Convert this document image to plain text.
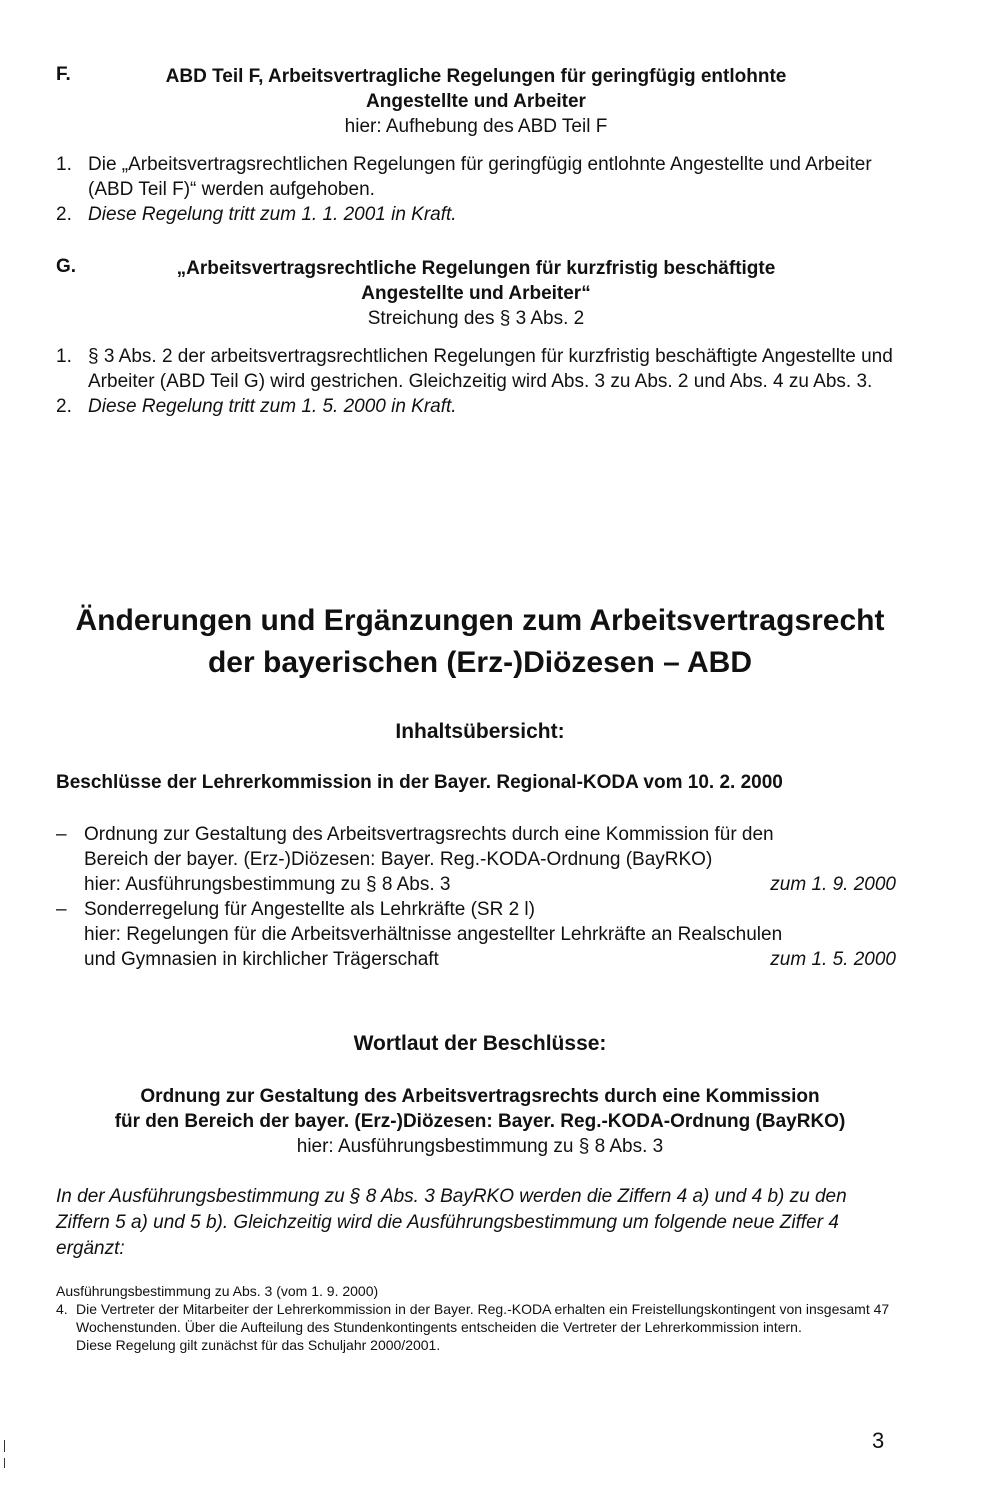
F.	ABD Teil F, Arbeitsvertragliche Regelungen für geringfügig entlohnte
Angestellte und Arbeiter
hier: Aufhebung des ABD Teil F
1. Die „Arbeitsvertragsrechtlichen Regelungen für geringfügig entlohnte Angestellte und Arbeiter (ABD Teil F)“ werden aufgehoben.
2. Diese Regelung tritt zum 1. 1. 2001 in Kraft.
G.	„Arbeitsvertragsrechtliche Regelungen für kurzfristig beschäftigte
Angestellte und Arbeiter“
Streichung des § 3 Abs. 2
1. § 3 Abs. 2 der arbeitsvertragsrechtlichen Regelungen für kurzfristig beschäftigte Angestellte und Arbeiter (ABD Teil G) wird gestrichen. Gleichzeitig wird Abs. 3 zu Abs. 2 und Abs. 4 zu Abs. 3.
2. Diese Regelung tritt zum 1. 5. 2000 in Kraft.
Änderungen und Ergänzungen zum Arbeitsvertragsrecht
der bayerischen (Erz-)Diözesen – ABD
Inhaltsübersicht:
Beschlüsse der Lehrerkommission in der Bayer. Regional-KODA vom 10. 2. 2000
– Ordnung zur Gestaltung des Arbeitsvertragsrechts durch eine Kommission für den
Bereich der bayer. (Erz-)Diözesen: Bayer. Reg.-KODA-Ordnung (BayRKO)
hier: Ausführungsbestimmung zu § 8 Abs. 3	zum 1. 9. 2000
– Sonderregelung für Angestellte als Lehrkräfte (SR 2 l)
hier: Regelungen für die Arbeitsverhältnisse angestellter Lehrkräfte an Realschulen
und Gymnasien in kirchlicher Trägerschaft	zum 1. 5. 2000
Wortlaut der Beschlüsse:
Ordnung zur Gestaltung des Arbeitsvertragsrechts durch eine Kommission
für den Bereich der bayer. (Erz-)Diözesen: Bayer. Reg.-KODA-Ordnung (BayRKO)
hier: Ausführungsbestimmung zu § 8 Abs. 3
In der Ausführungsbestimmung zu § 8 Abs. 3 BayRKO werden die Ziffern 4 a) und 4 b) zu den Ziffern 5 a) und 5 b). Gleichzeitig wird die Ausführungsbestimmung um folgende neue Ziffer 4 ergänzt:
Ausführungsbestimmung zu Abs. 3 (vom 1. 9. 2000)
4. Die Vertreter der Mitarbeiter der Lehrerkommission in der Bayer. Reg.-KODA erhalten ein Freistellungskontingent von insgesamt 47 Wochenstunden. Über die Aufteilung des Stundenkontingents entscheiden die Vertreter der Lehrerkommission intern.
Diese Regelung gilt zunächst für das Schuljahr 2000/2001.
3
